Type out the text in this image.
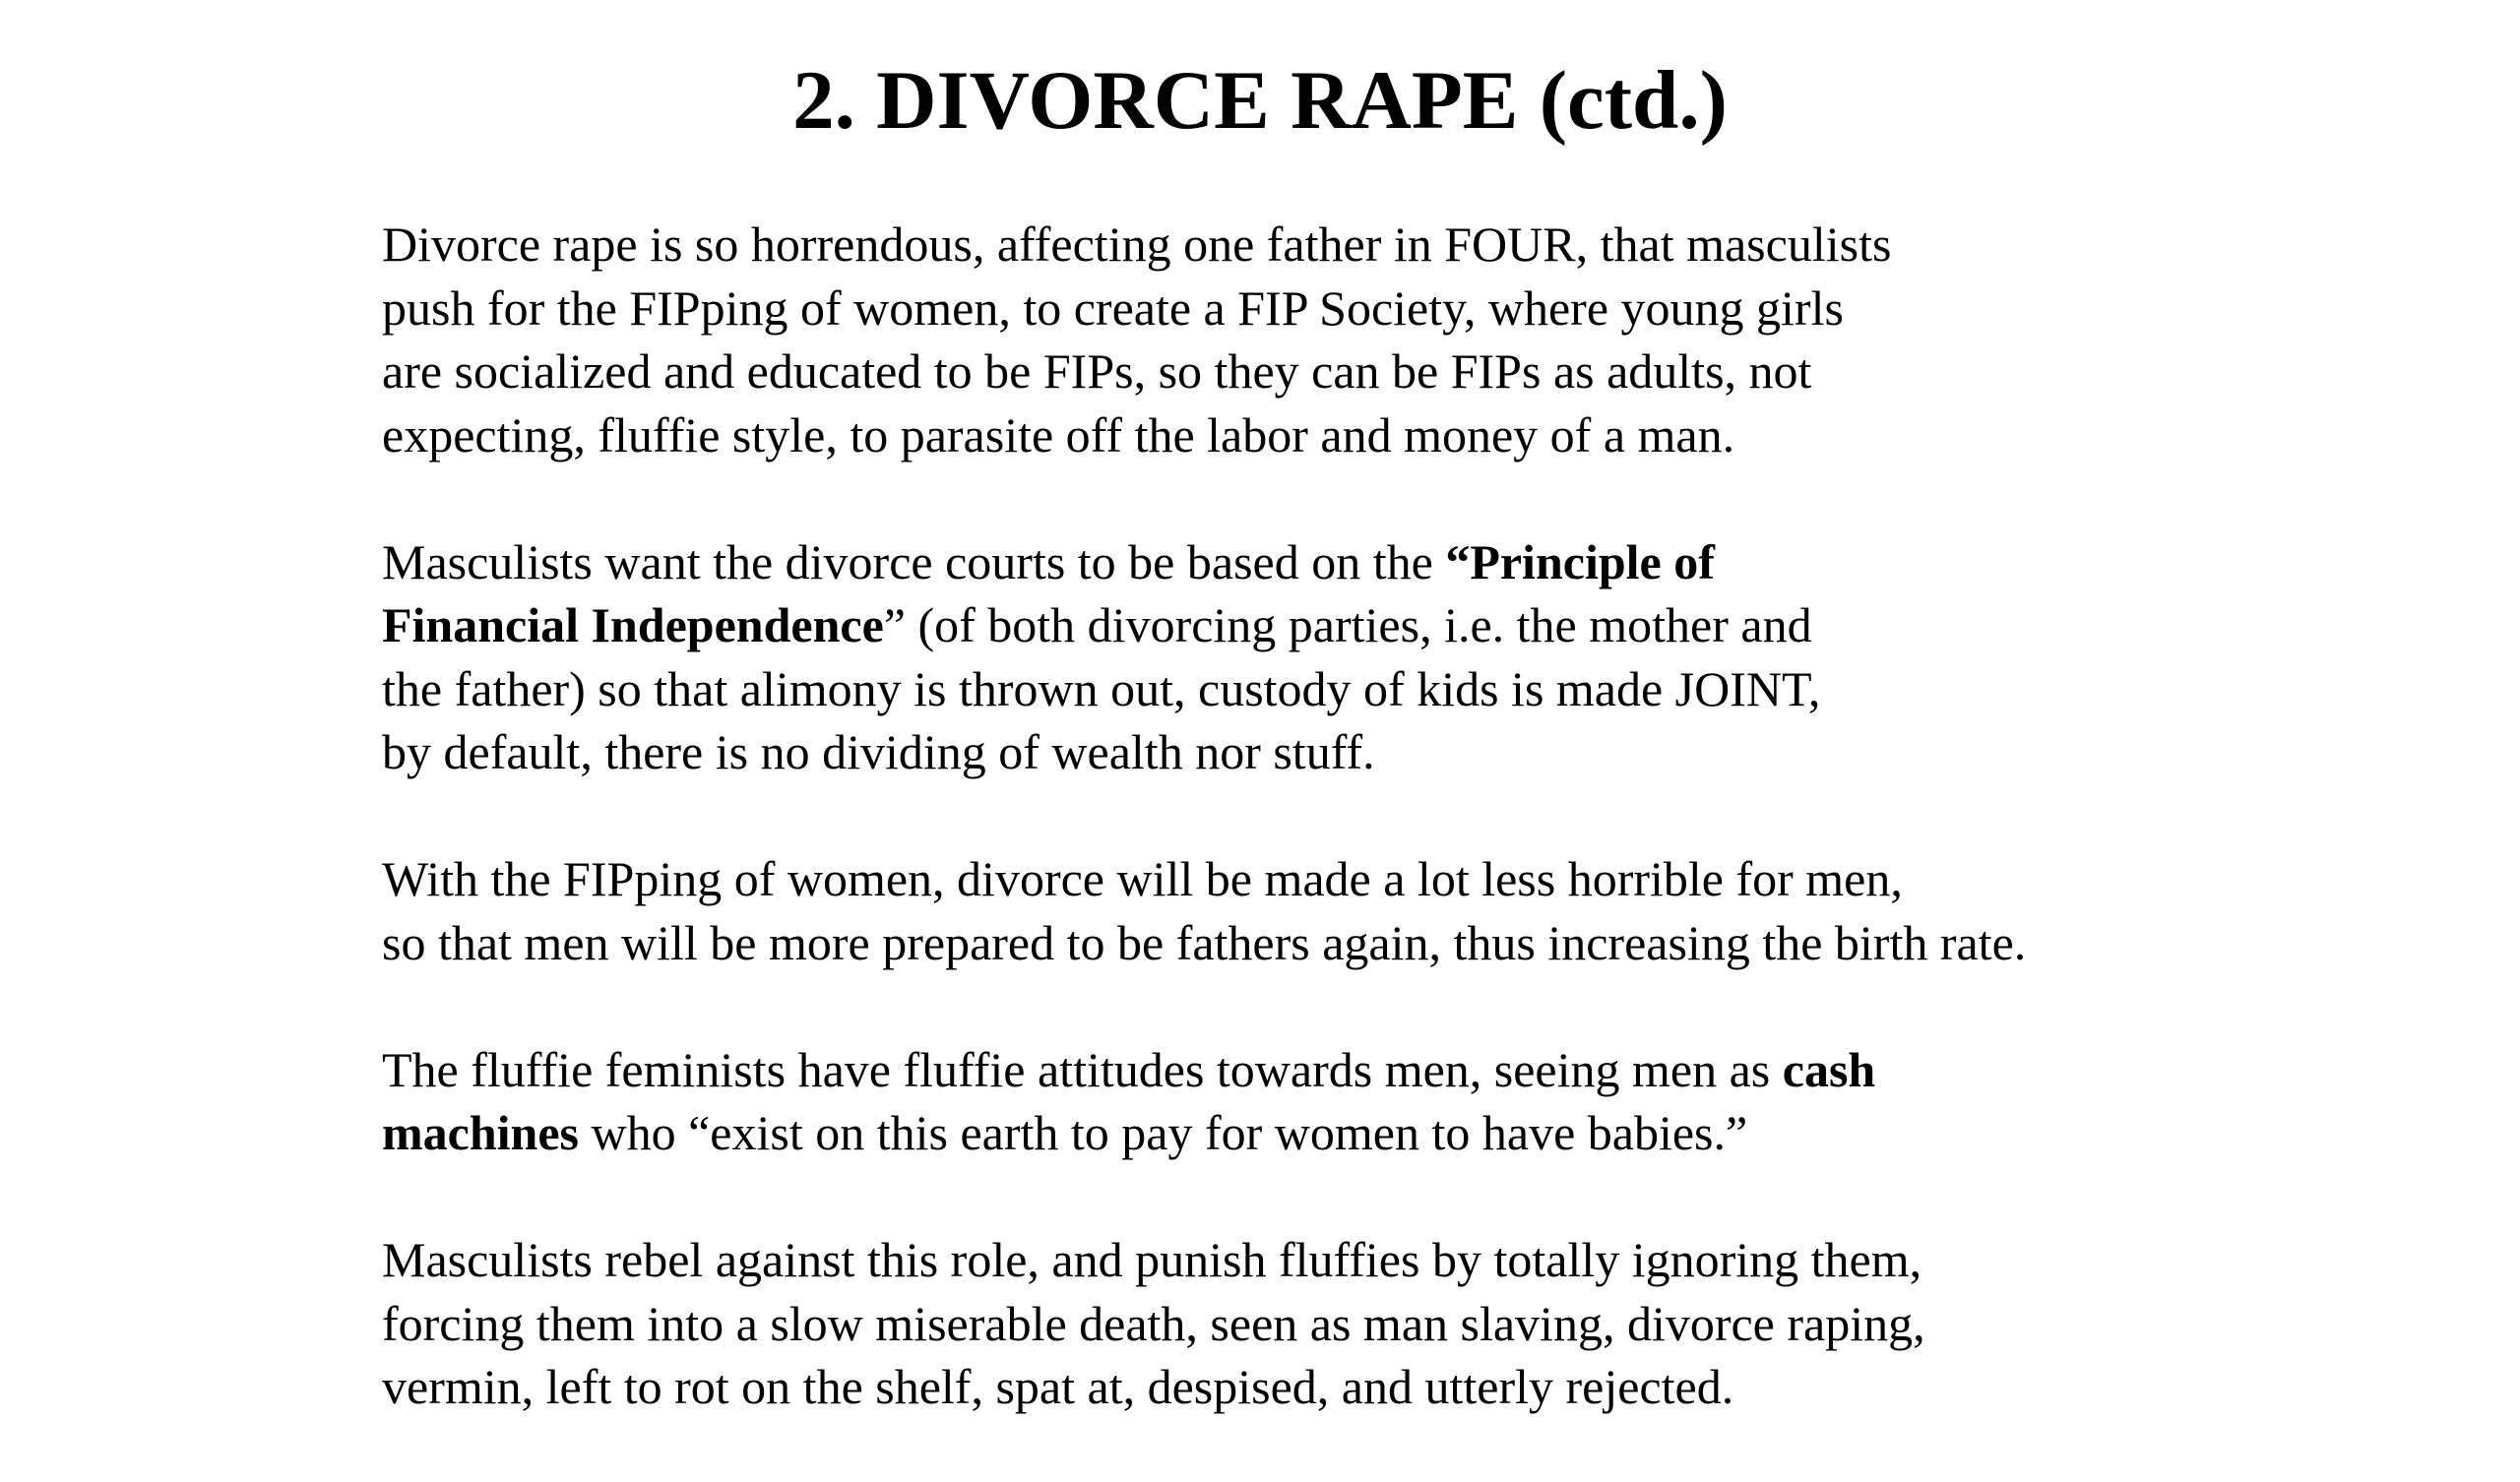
2. DIVORCE RAPE (ctd.)

Divorce rape is so horrendous, affecting one father in FOUR, that masculists
push for the FIPping of women, to create a FIP Society, where young girls
are socialized and educated to be FIPs, so they can be FIPs as adults, not
expecting, fluffie style, to parasite off the labor and money of a man.

Masculists want the divorce courts to be based on the “Principle of
Financial Independence” (of both divorcing parties, i.e. the mother and
the father) so that alimony is thrown out, custody of kids is made JOINT,
by default, there is no dividing of wealth nor stuff.

With the FIPping of women, divorce will be made a lot less horrible for men,
so that men will be more prepared to be fathers again, thus increasing the birth rate.

The fluffie feminists have fluffie attitudes towards men, seeing men as cash
machines who “exist on this earth to pay for women to have babies.”

Masculists rebel against this role, and punish fluffies by totally ignoring them,
forcing them into a slow miserable death, seen as man slaving, divorce raping,
vermin, left to rot on the shelf, spat at, despised, and utterly rejected.
